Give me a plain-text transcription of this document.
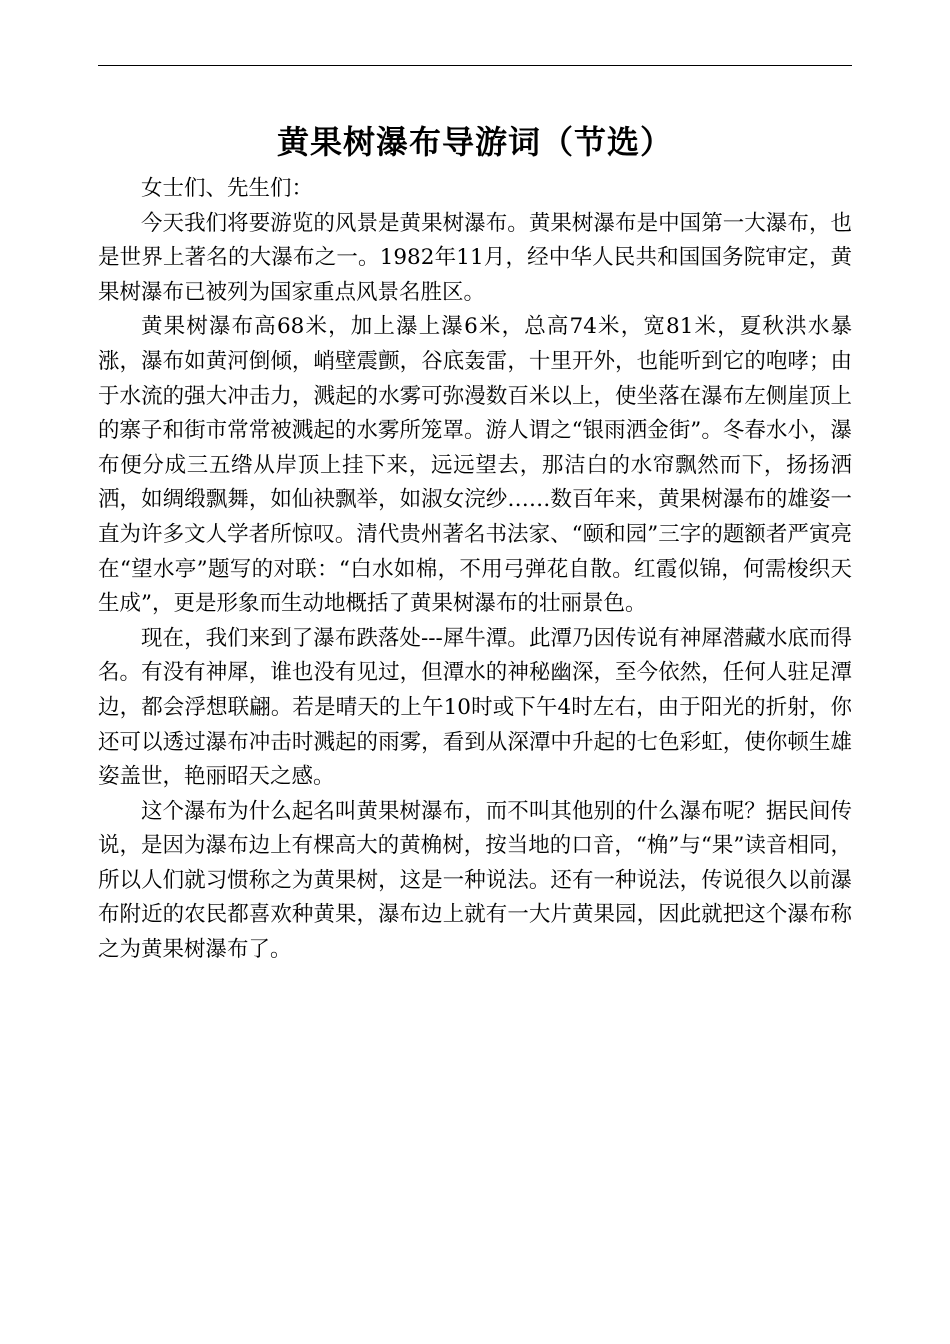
黄果树瀑布导游词（节选）

女士们、先生们：

今天我们将要游览的风景是黄果树瀑布。黄果树瀑布是中国第一大瀑布，也是世界上著名的大瀑布之一。1982年11月，经中华人民共和国国务院审定，黄果树瀑布已被列为国家重点风景名胜区。

黄果树瀑布高68米，加上瀑上瀑6米，总高74米，宽81米，夏秋洪水暴涨，瀑布如黄河倒倾，峭壁震颤，谷底轰雷，十里开外，也能听到它的咆哮；由于水流的强大冲击力，溅起的水雾可弥漫数百米以上，使坐落在瀑布左侧崖顶上的寨子和街市常常被溅起的水雾所笼罩。游人谓之“银雨洒金街”。冬春水小，瀑布便分成三五绺从岸顶上挂下来，远远望去，那洁白的水帘飘然而下，扬扬洒洒，如绸缎飘舞，如仙袂飘举，如淑女浣纱……数百年来，黄果树瀑布的雄姿一直为许多文人学者所惊叹。清代贵州著名书法家、“颐和园”三字的题额者严寅亮在“望水亭”题写的对联：“白水如棉，不用弓弹花自散。红霞似锦，何需梭织天生成”，更是形象而生动地概括了黄果树瀑布的壮丽景色。

现在，我们来到了瀑布跌落处---犀牛潭。此潭乃因传说有神犀潜藏水底而得名。有没有神犀，谁也没有见过，但潭水的神秘幽深，至今依然，任何人驻足潭边，都会浮想联翩。若是晴天的上午10时或下午4时左右，由于阳光的折射，你还可以透过瀑布冲击时溅起的雨雾，看到从深潭中升起的七色彩虹，使你顿生雄姿盖世，艳丽昭天之感。

这个瀑布为什么起名叫黄果树瀑布，而不叫其他别的什么瀑布呢？据民间传说，是因为瀑布边上有棵高大的黄桷树，按当地的口音，“桷”与“果”读音相同，所以人们就习惯称之为黄果树，这是一种说法。还有一种说法，传说很久以前瀑布附近的农民都喜欢种黄果，瀑布边上就有一大片黄果园，因此就把这个瀑布称之为黄果树瀑布了。
